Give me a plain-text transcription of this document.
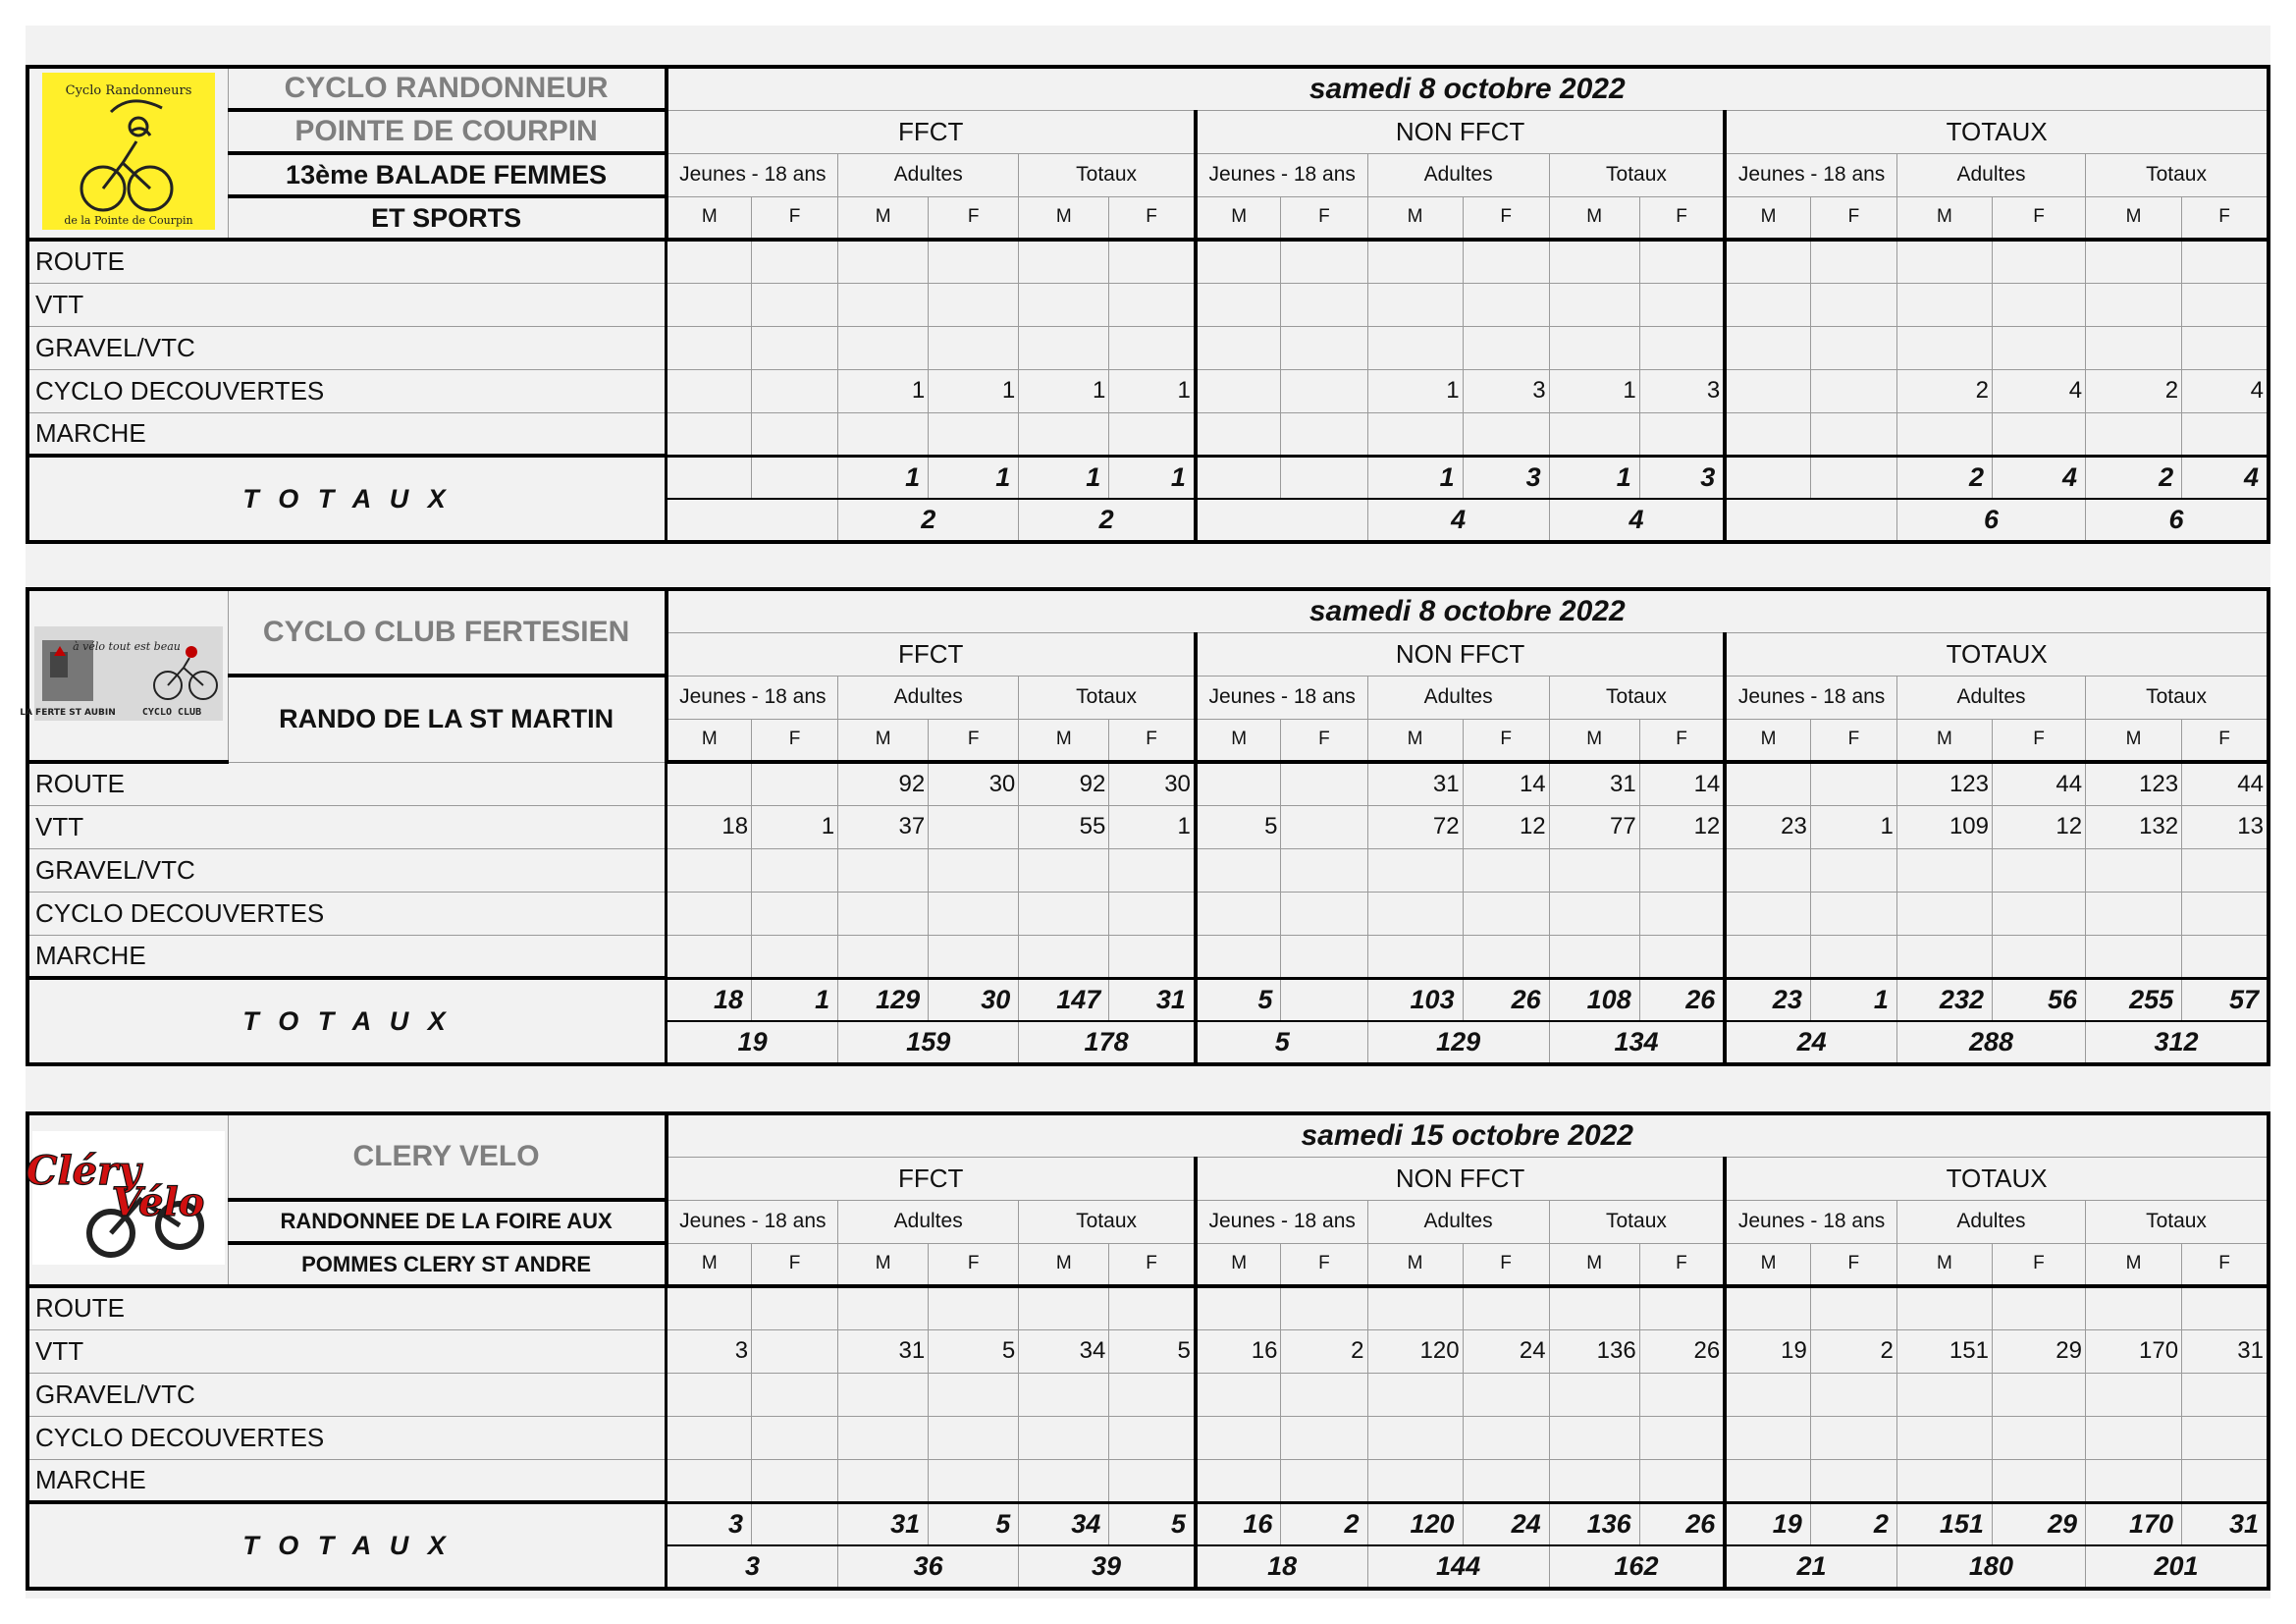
Cyclo Randonneurs
de la Pointe de Courpin	CYCLO RANDONNEUR	samedi 8 octobre 2022																	
	POINTE DE COURPIN	FFCT						NON FFCT						TOTAUX					
	13ème BALADE FEMMES	Jeunes - 18 ans		Adultes		Totaux		Jeunes - 18 ans		Adultes		Totaux		Jeunes - 18 ans		Adultes		Totaux	
	ET SPORTS	M	F	M	F	M	F	M	F	M	F	M	F	M	F	M	F	M	F
ROUTE																			
VTT																			
GRAVEL/VTC																			
CYCLO DECOUVERTES				1	1	1	1			1	3	1	3			2	4	2	4
MARCHE																			
T O T A U X				1	1	1	1			1	3	1	3			2	4	2	4
				2		2				4		4				6		6	
à vélo tout est beau
LA FERTE ST AUBIN CYCLO CLUB	CYCLO CLUB FERTESIEN	samedi 8 octobre 2022																	
		FFCT						NON FFCT						TOTAUX					
	RANDO DE LA ST MARTIN	Jeunes - 18 ans		Adultes		Totaux		Jeunes - 18 ans		Adultes		Totaux		Jeunes - 18 ans		Adultes		Totaux	
		M	F	M	F	M	F	M	F	M	F	M	F	M	F	M	F	M	F
ROUTE				92	30	92	30			31	14	31	14			123	44	123	44
VTT		18	1	37		55	1	5		72	12	77	12	23	1	109	12	132	13
GRAVEL/VTC																			
CYCLO DECOUVERTES																			
MARCHE																			
T O T A U X		18	1	129	30	147	31	5		103	26	108	26	23	1	232	56	255	57
		19		159		178		5		129		134		24		288		312	
Cléry
Vélo	CLERY VELO	samedi 15 octobre 2022																	
		FFCT						NON FFCT						TOTAUX					
	RANDONNEE DE LA FOIRE AUX	Jeunes - 18 ans		Adultes		Totaux		Jeunes - 18 ans		Adultes		Totaux		Jeunes - 18 ans		Adultes		Totaux	
	POMMES CLERY ST ANDRE	M	F	M	F	M	F	M	F	M	F	M	F	M	F	M	F	M	F
ROUTE																			
VTT		3		31	5	34	5	16	2	120	24	136	26	19	2	151	29	170	31
GRAVEL/VTC																			
CYCLO DECOUVERTES																			
MARCHE																			
T O T A U X		3		31	5	34	5	16	2	120	24	136	26	19	2	151	29	170	31
		3		36		39		18		144		162		21		180		201	
